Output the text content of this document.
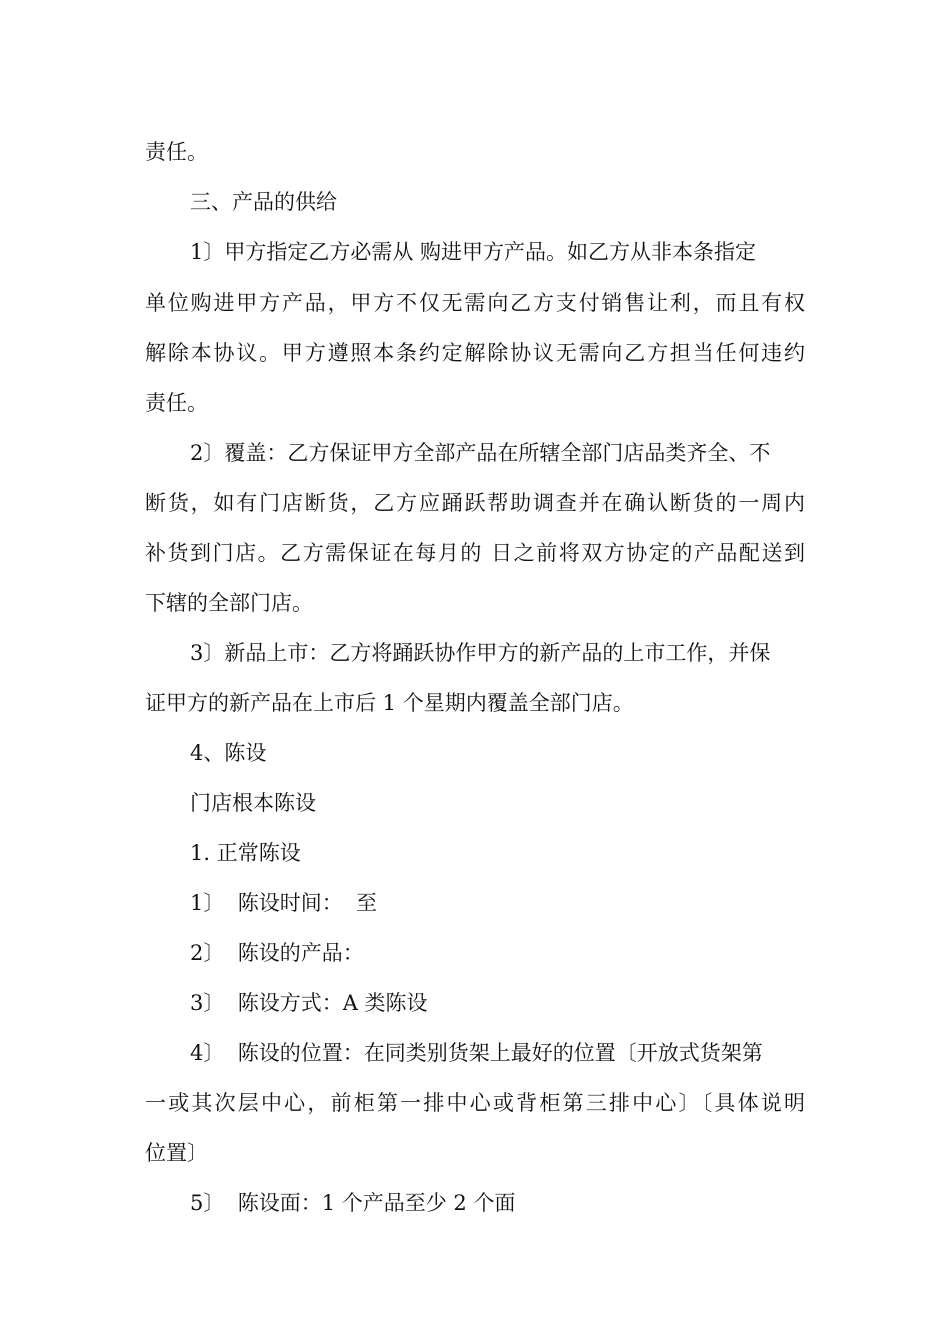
责任。
三、产品的供给
1〕甲方指定乙方必需从 购进甲方产品。如乙方从非本条指定
单位购进甲方产品，甲方不仅无需向乙方支付销售让利，而且有权
解除本协议。甲方遵照本条约定解除协议无需向乙方担当任何违约
责任。
2〕覆盖：乙方保证甲方全部产品在所辖全部门店品类齐全、不
断货，如有门店断货，乙方应踊跃帮助调查并在确认断货的一周内
补货到门店。乙方需保证在每月的 日之前将双方协定的产品配送到
下辖的全部门店。
3〕新品上市：乙方将踊跃协作甲方的新产品的上市工作，并保
证甲方的新产品在上市后 1 个星期内覆盖全部门店。
4、陈设
门店根本陈设
1. 正常陈设
1〕  陈设时间：  至
2〕  陈设的产品：
3〕  陈设方式：A 类陈设
4〕  陈设的位置：在同类别货架上最好的位置〔开放式货架第
一或其次层中心，前柜第一排中心或背柜第三排中心〕〔具体说明
位置〕
5〕  陈设面：1 个产品至少 2 个面
